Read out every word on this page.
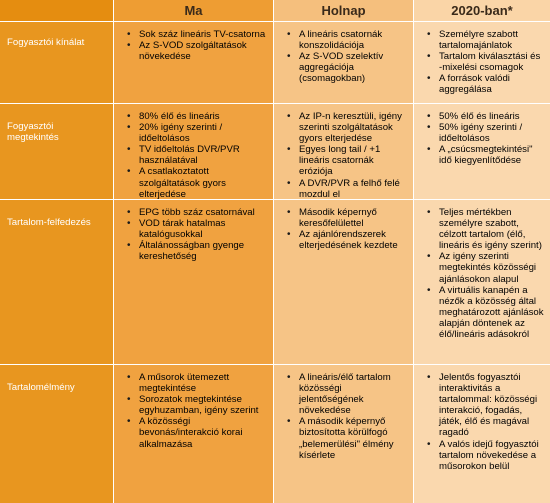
Ma	Holnap	2020-ban*
Fogyasztói kínálat
• Sok száz lineáris TV-csatorna
• Az S-VOD szolgáltatások növekedése
• A lineáris csatornák konszolidációja
• Az S-VOD szelektív aggregációja (csomagokban)
• Személyre szabott tartalomajánlatok
• Tartalom kiválasztási és -mixelési csomagok
• A források valódi aggregálása
Fogyasztói megtekintés
• 80% élő és lineáris
• 20% igény szerinti / időeltolásos
• TV időeltolás DVR/PVR használatával
• A csatlakoztatott szolgáltatások gyors elterjedése
• Az IP-n keresztüli, igény szerinti szolgáltatások gyors elterjedése
• Egyes long tail / +1 lineáris csatornák eróziója
• A DVR/PVR a felhő felé mozdul el
• 50% élő és lineáris
• 50% igény szerinti / időeltolásos
• A „csúcsmegtekintési" idő kiegyenlítődése
Tartalom-felfedezés
• EPG több száz csatornával
• VOD tárak hatalmas katalógusokkal
• Általánosságban gyenge kereshetőség
• Második képernyő keresőfelülettel
• Az ajánlórendszerek elterjedésének kezdete
• Teljes mértékben személyre szabott, célzott tartalom (élő, lineáris és igény szerint)
• Az igény szerinti megtekintés közösségi ajánlásokon alapul
• A virtuális kanapén a nézők a közösség által meghatározott ajánlások alapján döntenek az élő/lineáris adásokról
Tartalomélmény
• A műsorok ütemezett megtekintése
• Sorozatok megtekintése egyhuzamban, igény szerint
• A közösségi bevonás/interakció korai alkalmazása
• A lineáris/élő tartalom közösségi jelentőségének növekedése
• A második képernyő biztosította körülfogó „belemerülési" élmény kísérlete
• Jelentős fogyasztói interaktivitás a tartalommal: közösségi interakció, fogadás, játék, élő és magával ragadó
• A valós idejű fogyasztói tartalom növekedése a műsorokon belül
